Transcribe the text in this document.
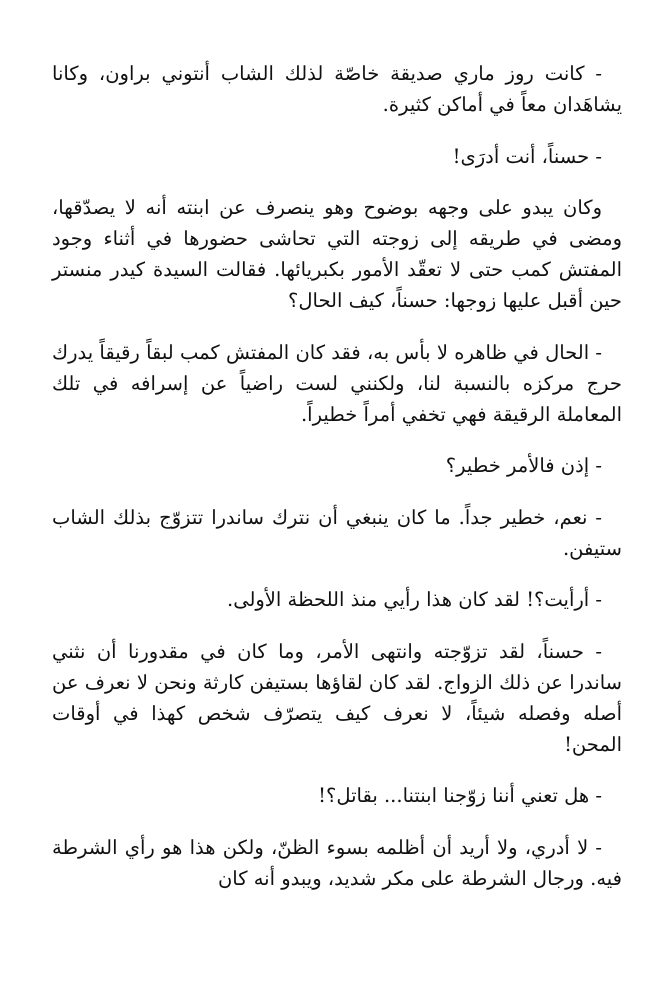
- كانت روز ماري صديقة خاصّة لذلك الشاب أنتوني براون، وكانا يشاهَدان معاً في أماكن كثيرة.

- حسناً، أنت أدرَى!

وكان يبدو على وجهه بوضوح وهو ينصرف عن ابنته أنه لا يصدّقها، ومضى في طريقه إلى زوجته التي تحاشى حضورها في أثناء وجود المفتش كمب حتى لا تعقّد الأمور بكبريائها. فقالت السيدة كيدر منستر حين أقبل عليها زوجها: حسناً، كيف الحال؟

- الحال في ظاهره لا بأس به، فقد كان المفتش كمب لبقاً رقيقاً يدرك حرج مركزه بالنسبة لنا، ولكنني لست راضياً عن إسرافه في تلك المعاملة الرقيقة فهي تخفي أمراً خطيراً.

- إذن فالأمر خطير؟

- نعم، خطير جداً. ما كان ينبغي أن نترك ساندرا تتزوّج بذلك الشاب ستيفن.

- أرأيت؟! لقد كان هذا رأيي منذ اللحظة الأولى.

- حسناً، لقد تزوّجته وانتهى الأمر، وما كان في مقدورنا أن نثني ساندرا عن ذلك الزواج. لقد كان لقاؤها بستيفن كارثة ونحن لا نعرف عن أصله وفصله شيئاً، لا نعرف كيف يتصرّف شخص كهذا في أوقات المحن!

- هل تعني أننا زوّجنا ابنتنا... بقاتل؟!

- لا أدري، ولا أريد أن أظلمه بسوء الظنّ، ولكن هذا هو رأي الشرطة فيه. ورجال الشرطة على مكر شديد، ويبدو أنه كان
